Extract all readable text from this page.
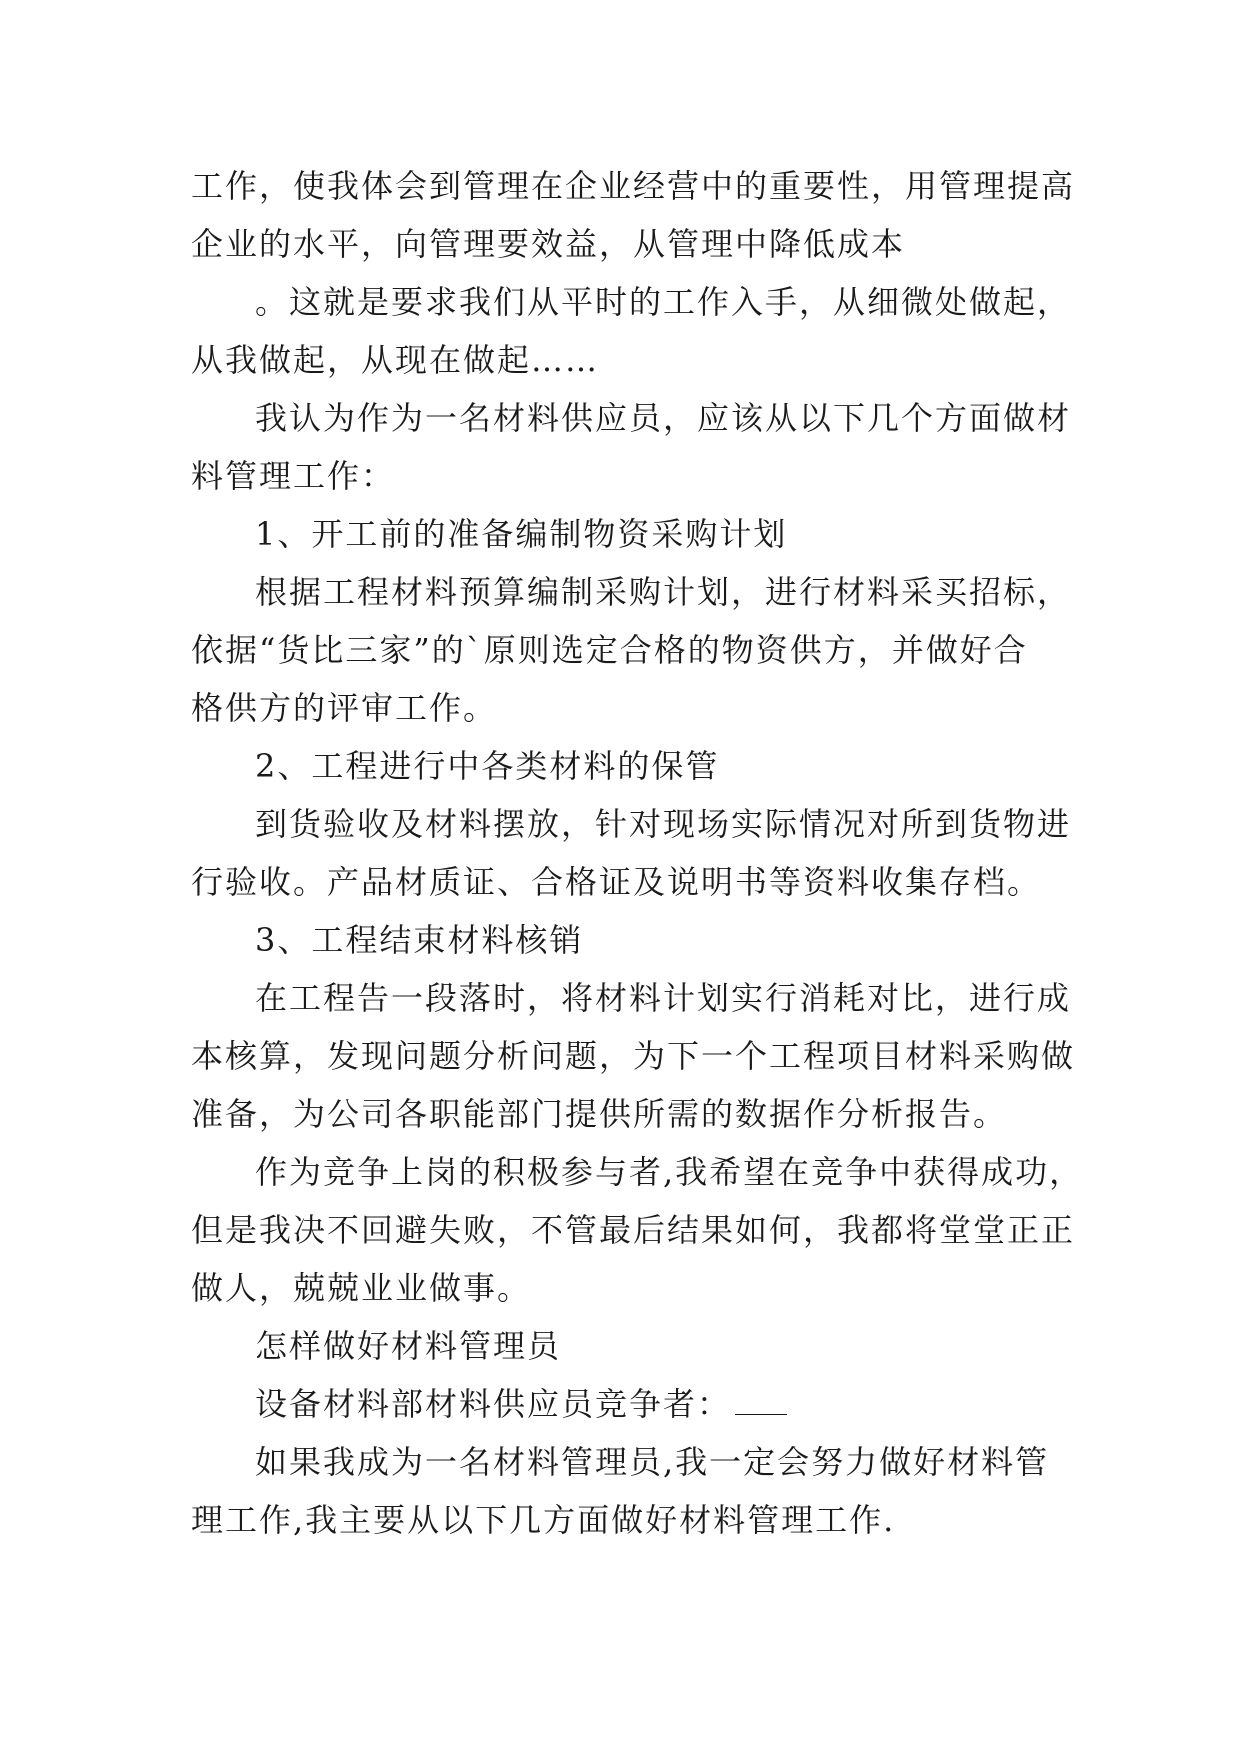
工作，使我体会到管理在企业经营中的重要性，用管理提高
企业的水平，向管理要效益，从管理中降低成本
。这就是要求我们从平时的工作入手，从细微处做起，
从我做起，从现在做起……
我认为作为一名材料供应员，应该从以下几个方面做材
料管理工作：
1、开工前的准备编制物资采购计划
根据工程材料预算编制采购计划，进行材料采买招标，
依据“货比三家”的`原则选定合格的物资供方，并做好合
格供方的评审工作。
2、工程进行中各类材料的保管
到货验收及材料摆放，针对现场实际情况对所到货物进
行验收。产品材质证、合格证及说明书等资料收集存档。
3、工程结束材料核销
在工程告一段落时，将材料计划实行消耗对比，进行成
本核算，发现问题分析问题，为下一个工程项目材料采购做
准备，为公司各职能部门提供所需的数据作分析报告。
作为竞争上岗的积极参与者,我希望在竞争中获得成功，
但是我决不回避失败，不管最后结果如何，我都将堂堂正正
做人，兢兢业业做事。
怎样做好材料管理员
设备材料部材料供应员竞争者：
如果我成为一名材料管理员,我一定会努力做好材料管
理工作,我主要从以下几方面做好材料管理工作.
